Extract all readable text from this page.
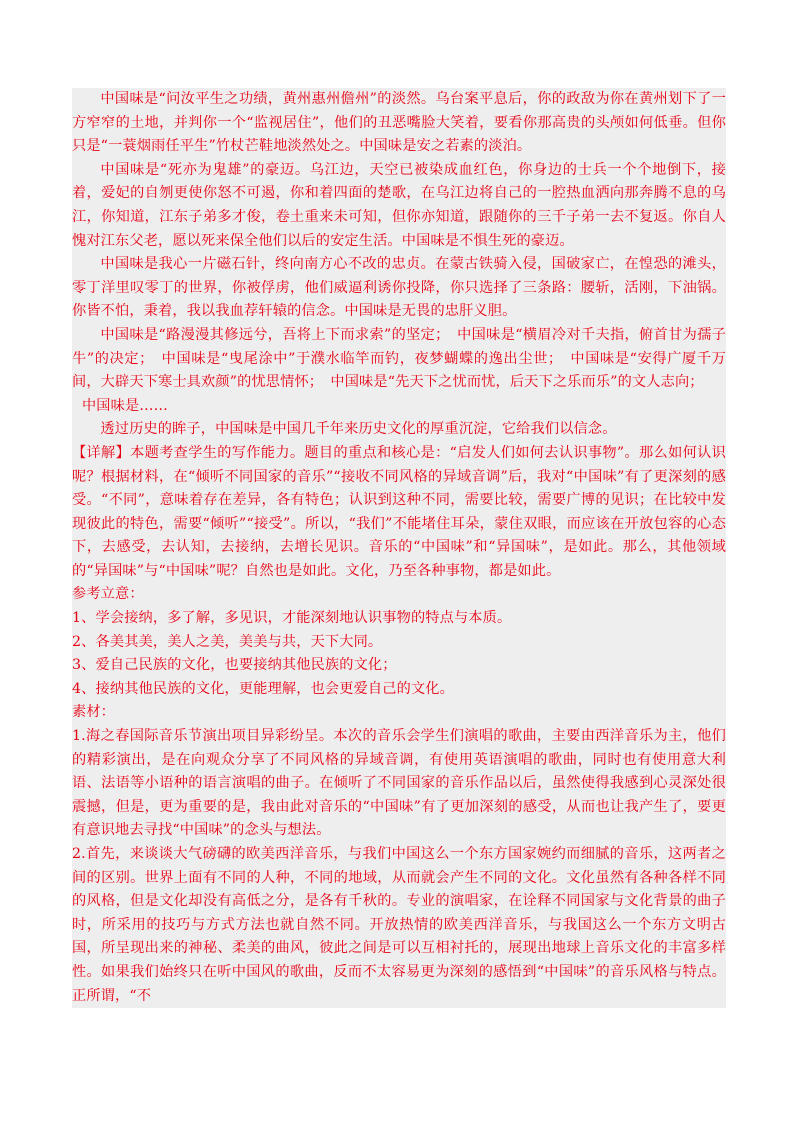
中国味是“问汝平生之功绩，黄州惠州儋州”的淡然。乌台案平息后，你的政敌为你在黄州划下了一方窄窄的土地，并判你一个“监视居住”，他们的丑恶嘴脸大笑着，要看你那高贵的头颅如何低垂。但你只是“一蓑烟雨任平生”竹杖芒鞋地淡然处之。中国味是安之若素的淡泊。

中国味是“死亦为鬼雄”的豪迈。乌江边，天空已被染成血红色，你身边的士兵一个个地倒下，接着，爱妃的自刎更使你怒不可遏，你和着四面的楚歌，在乌江边将自己的一腔热血洒向那奔腾不息的乌江，你知道，江东子弟多才俊，卷土重来未可知，但你亦知道，跟随你的三千子弟一去不复返。你自人愧对江东父老，愿以死来保全他们以后的安定生活。中国味是不惧生死的豪迈。

中国味是我心一片磁石针，终向南方心不改的忠贞。在蒙古铁骑入侵，国破家亡，在惶恐的滩头，零丁洋里叹零丁的世界，你被俘虏，他们威逼利诱你投降，你只选择了三条路：腰斩，活刚，下油锅。你皆不怕，秉着，我以我血荐轩辕的信念。中国味是无畏的忠肝义胆。

中国味是“路漫漫其修远兮，吾将上下而求索”的坚定；　中国味是“横眉冷对千夫指，俯首甘为孺子牛”的决定；　中国味是“曳尾涂中”于濮水临竿而钓，夜梦蝴蝶的逸出尘世；　中国味是“安得广厦千万间，大辟天下寒士具欢颜”的忧思情怀；　中国味是“先天下之忧而忧，后天下之乐而乐”的文人志向；

中国味是……

透过历史的眸子，中国味是中国几千年来历史文化的厚重沉淀，它给我们以信念。

【详解】本题考查学生的写作能力。题目的重点和核心是：“启发人们如何去认识事物”。那么如何认识呢？根据材料，在“倾听不同国家的音乐”“接收不同风格的异域音调”后，我对“中国味”有了更深刻的感受。“不同”，意味着存在差异，各有特色；认识到这种不同，需要比较，需要广博的见识；在比较中发现彼此的特色，需要“倾听”“接受”。所以，“我们”不能堵住耳朵，蒙住双眼，而应该在开放包容的心态下，去感受，去认知，去接纳，去增长见识。音乐的“中国味”和“异国味”，是如此。那么，其他领域的“异国味”与“中国味”呢？自然也是如此。文化，乃至各种事物，都是如此。

参考立意：

1、学会接纳，多了解，多见识，才能深刻地认识事物的特点与本质。

2、各美其美，美人之美，美美与共，天下大同。

3、爱自己民族的文化，也要接纳其他民族的文化；

4、接纳其他民族的文化，更能理解，也会更爱自己的文化。

素材：

1.海之春国际音乐节演出项目异彩纷呈。本次的音乐会学生们演唱的歌曲，主要由西洋音乐为主，他们的精彩演出，是在向观众分享了不同风格的异域音调，有使用英语演唱的歌曲，同时也有使用意大利语、法语等小语种的语言演唱的曲子。在倾听了不同国家的音乐作品以后，虽然使得我感到心灵深处很震撼，但是，更为重要的是，我由此对音乐的“中国味”有了更加深刻的感受，从而也让我产生了，要更有意识地去寻找“中国味”的念头与想法。

2.首先，来谈谈大气磅礴的欧美西洋音乐，与我们中国这么一个东方国家婉约而细腻的音乐，这两者之间的区别。世界上面有不同的人种，不同的地域，从而就会产生不同的文化。文化虽然有各种各样不同的风格，但是文化却没有高低之分，是各有千秋的。专业的演唱家，在诠释不同国家与文化背景的曲子时，所采用的技巧与方式方法也就自然不同。开放热情的欧美西洋音乐，与我国这么一个东方文明古国，所呈现出来的神秘、柔美的曲风，彼此之间是可以互相衬托的，展现出地球上音乐文化的丰富多样性。如果我们始终只在听中国风的歌曲，反而不太容易更为深刻的感悟到“中国味”的音乐风格与特点。正所谓，“不
